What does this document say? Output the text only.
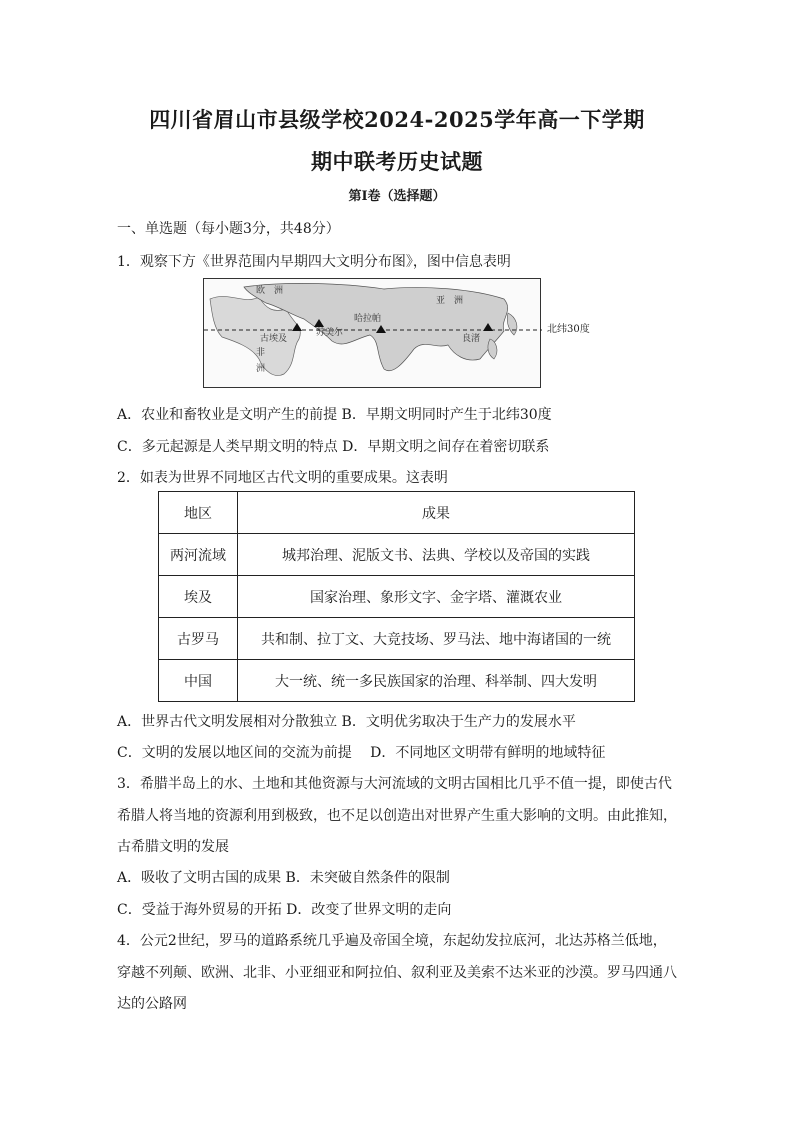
四川省眉山市县级学校2024-2025学年高一下学期
期中联考历史试题
第Ⅰ卷（选择题）
一、单选题（每小题3分，共48分）
1．观察下方《世界范围内早期四大文明分布图》，图中信息表明
欧　洲
亚　洲
古埃及
苏美尔
哈拉帕
良渚
非
洲
北纬30度
A．农业和畜牧业是文明产生的前提 B．早期文明同时产生于北纬30度
C．多元起源是人类早期文明的特点 D．早期文明之间存在着密切联系
2．如表为世界不同地区古代文明的重要成果。这表明
地区	成果
两河流域	城邦治理、泥版文书、法典、学校以及帝国的实践
埃及	国家治理、象形文字、金字塔、灌溉农业
古罗马	共和制、拉丁文、大竞技场、罗马法、地中海诸国的一统
中国	大一统、统一多民族国家的治理、科举制、四大发明
A．世界古代文明发展相对分散独立 B．文明优劣取决于生产力的发展水平
C．文明的发展以地区间的交流为前提　 D．不同地区文明带有鲜明的地域特征
3．希腊半岛上的水、土地和其他资源与大河流域的文明古国相比几乎不值一提，即使古代
希腊人将当地的资源利用到极致，也不足以创造出对世界产生重大影响的文明。由此推知，
古希腊文明的发展
A．吸收了文明古国的成果 B．未突破自然条件的限制
C．受益于海外贸易的开拓 D．改变了世界文明的走向
4．公元2世纪，罗马的道路系统几乎遍及帝国全境，东起幼发拉底河，北达苏格兰低地，
穿越不列颠、欧洲、北非、小亚细亚和阿拉伯、叙利亚及美索不达米亚的沙漠。罗马四通八
达的公路网
